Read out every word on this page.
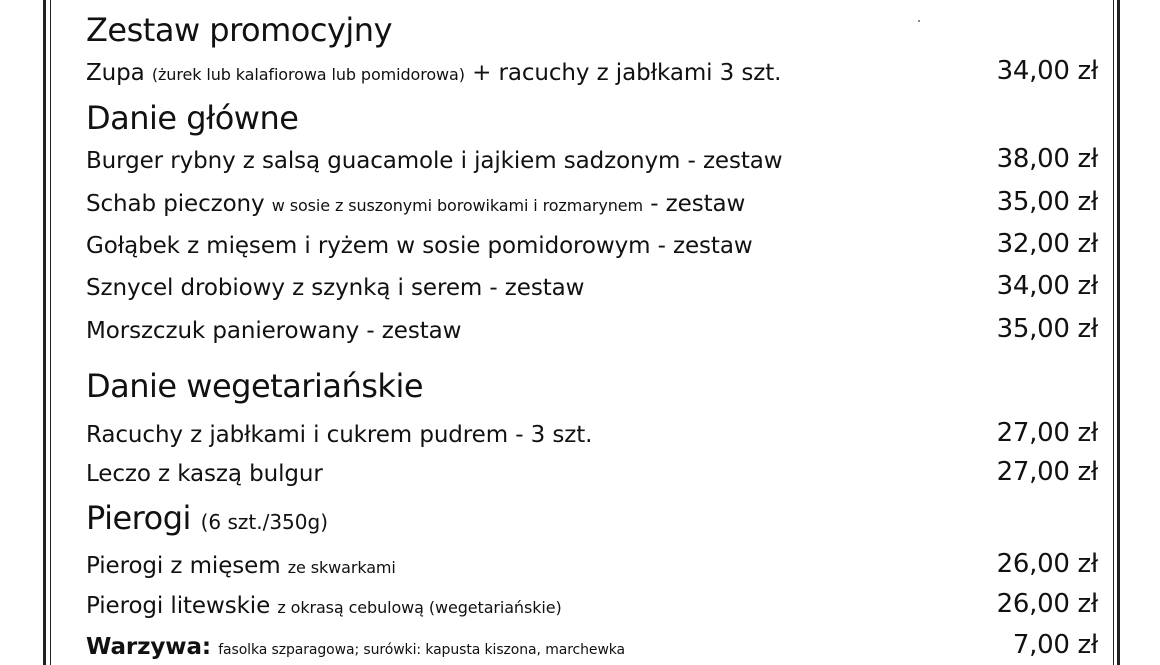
Zestaw promocyjny
Zupa (żurek lub kalafiorowa lub pomidorowa) + racuchy z jabłkami 3 szt.	34,00 zł
Danie główne
Burger rybny z salsą guacamole i jajkiem sadzonym - zestaw	38,00 zł
Schab pieczony w sosie z suszonymi borowikami i rozmarynem - zestaw	35,00 zł
Gołąbek z mięsem i ryżem w sosie pomidorowym - zestaw	32,00 zł
Sznycel drobiowy z szynką i serem - zestaw	34,00 zł
Morszczuk panierowany - zestaw	35,00 zł
Danie wegetariańskie
Racuchy z jabłkami i cukrem pudrem - 3 szt.	27,00 zł
Leczo z kaszą bulgur	27,00 zł
Pierogi (6 szt./350g)
Pierogi z mięsem ze skwarkami	26,00 zł
Pierogi litewskie z okrasą cebulową (wegetariańskie)	26,00 zł
Warzywa: fasolka szparagowa; surówki: kapusta kiszona, marchewka	7,00 zł
